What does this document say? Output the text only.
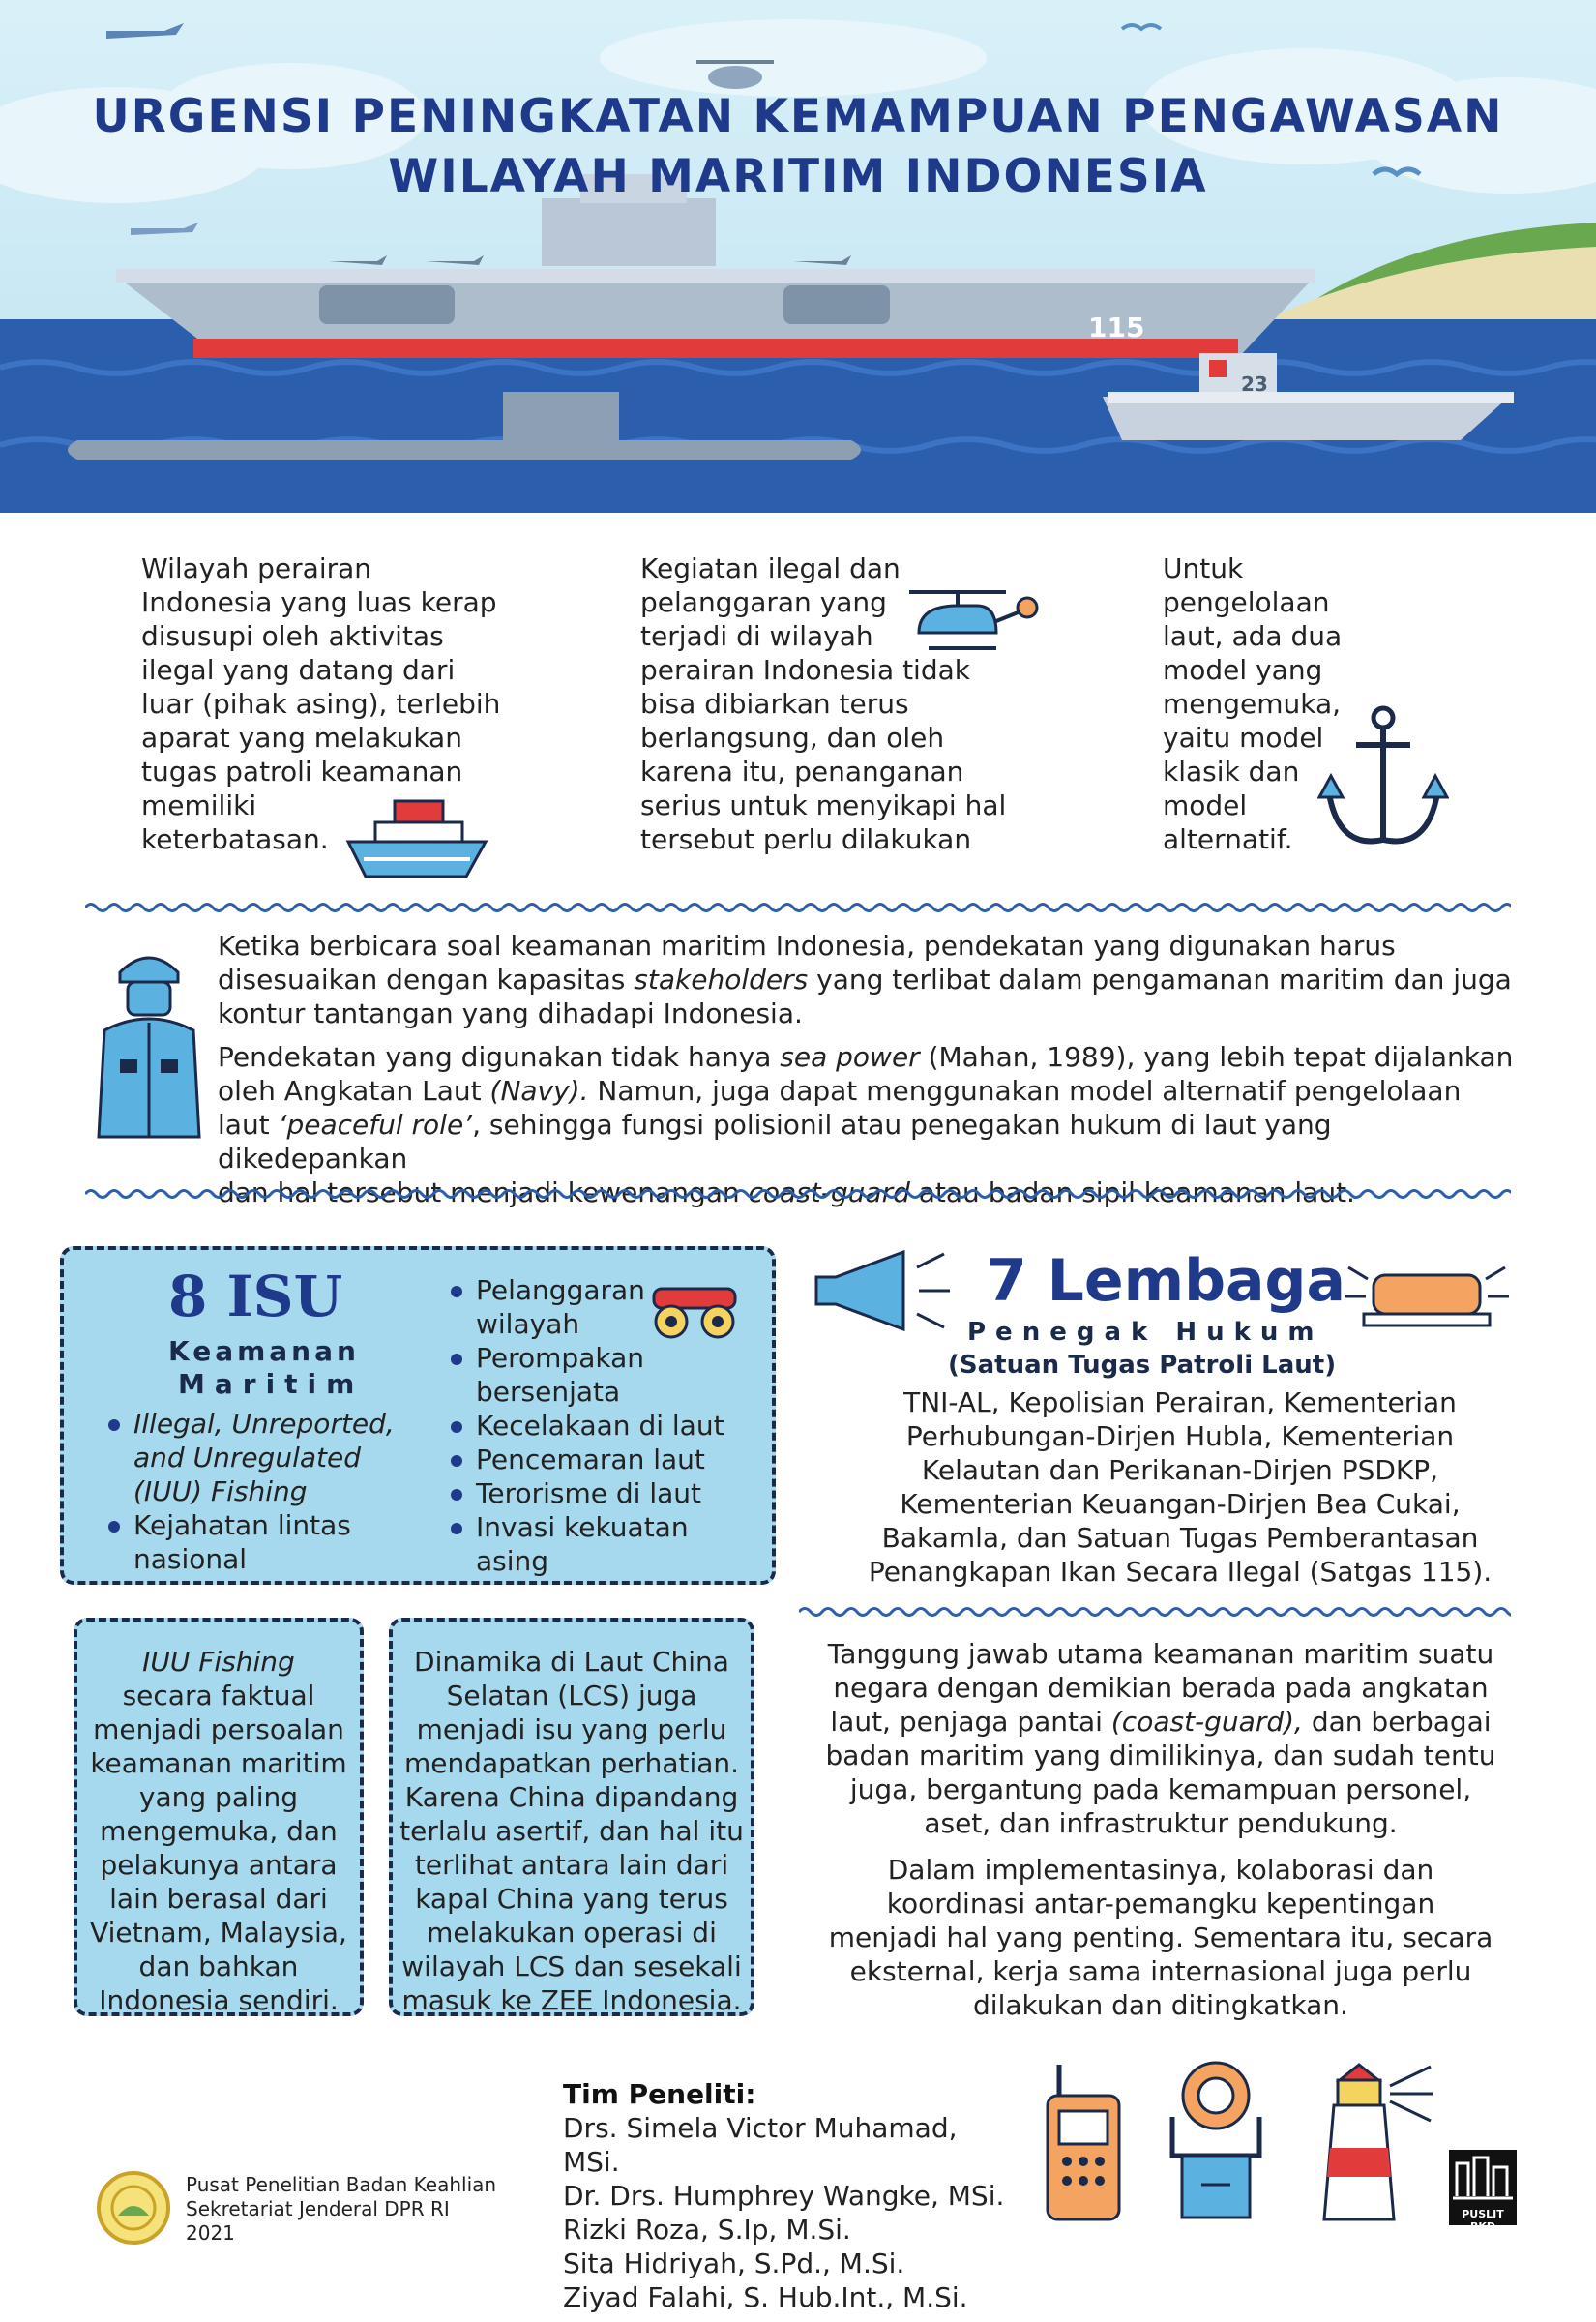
115
23
URGENSI PENINGKATAN KEMAMPUAN PENGAWASAN
WILAYAH MARITIM INDONESIA
Wilayah perairan
Indonesia yang luas kerap
disusupi oleh aktivitas
ilegal yang datang dari
luar (pihak asing), terlebih
aparat yang melakukan
tugas patroli keamanan
memiliki
keterbatasan.
Kegiatan ilegal dan
pelanggaran yang
terjadi di wilayah
perairan Indonesia tidak
bisa dibiarkan terus
berlangsung, dan oleh
karena itu, penanganan
serius untuk menyikapi hal
tersebut perlu dilakukan
Untuk
pengelolaan
laut, ada dua
model yang
mengemuka,
yaitu model
klasik dan
model
alternatif.
Ketika berbicara soal keamanan maritim Indonesia, pendekatan yang digunakan harus
disesuaikan dengan kapasitas stakeholders yang terlibat dalam pengamanan maritim dan juga
kontur tantangan yang dihadapi Indonesia.
Pendekatan yang digunakan tidak hanya sea power (Mahan, 1989), yang lebih tepat dijalankan
oleh Angkatan Laut (Navy). Namun, juga dapat menggunakan model alternatif pengelolaan
laut ‘peaceful role’, sehingga fungsi polisionil atau penegakan hukum di laut yang dikedepankan
dan hal tersebut menjadi kewenangan coast-guard atau badan sipil keamanan laut.
8 ISU
Keamanan
Maritim
Illegal, Unreported,
and Unregulated
(IUU) Fishing
Kejahatan lintas
nasional
Pelanggaran
wilayah
Perompakan
bersenjata
Kecelakaan di laut
Pencemaran laut
Terorisme di laut
Invasi kekuatan
asing
7 Lembaga
Penegak Hukum
(Satuan Tugas Patroli Laut)
TNI-AL, Kepolisian Perairan, Kementerian
Perhubungan-Dirjen Hubla, Kementerian
Kelautan dan Perikanan-Dirjen PSDKP,
Kementerian Keuangan-Dirjen Bea Cukai,
Bakamla, dan Satuan Tugas Pemberantasan
Penangkapan Ikan Secara Ilegal (Satgas 115).
IUU Fishing
secara faktual
menjadi persoalan
keamanan maritim
yang paling
mengemuka, dan
pelakunya antara
lain berasal dari
Vietnam, Malaysia,
dan bahkan
Indonesia sendiri.
Dinamika di Laut China
Selatan (LCS) juga
menjadi isu yang perlu
mendapatkan perhatian.
Karena China dipandang
terlalu asertif, dan hal itu
terlihat antara lain dari
kapal China yang terus
melakukan operasi di
wilayah LCS dan sesekali
masuk ke ZEE Indonesia.
Tanggung jawab utama keamanan maritim suatu
negara dengan demikian berada pada angkatan
laut, penjaga pantai (coast-guard), dan berbagai
badan maritim yang dimilikinya, dan sudah tentu
juga, bergantung pada kemampuan personel,
aset, dan infrastruktur pendukung.
Dalam implementasinya, kolaborasi dan
koordinasi antar-pemangku kepentingan
menjadi hal yang penting. Sementara itu, secara
eksternal, kerja sama internasional juga perlu
dilakukan dan ditingkatkan.
Tim Peneliti:
Drs. Simela Victor Muhamad, MSi.
Dr. Drs. Humphrey Wangke, MSi.
Rizki Roza, S.Ip, M.Si.
Sita Hidriyah, S.Pd., M.Si.
Ziyad Falahi, S. Hub.Int., M.Si.
PUSLIT BKD
Pusat Penelitian Badan Keahlian
Sekretariat Jenderal DPR RI
2021
